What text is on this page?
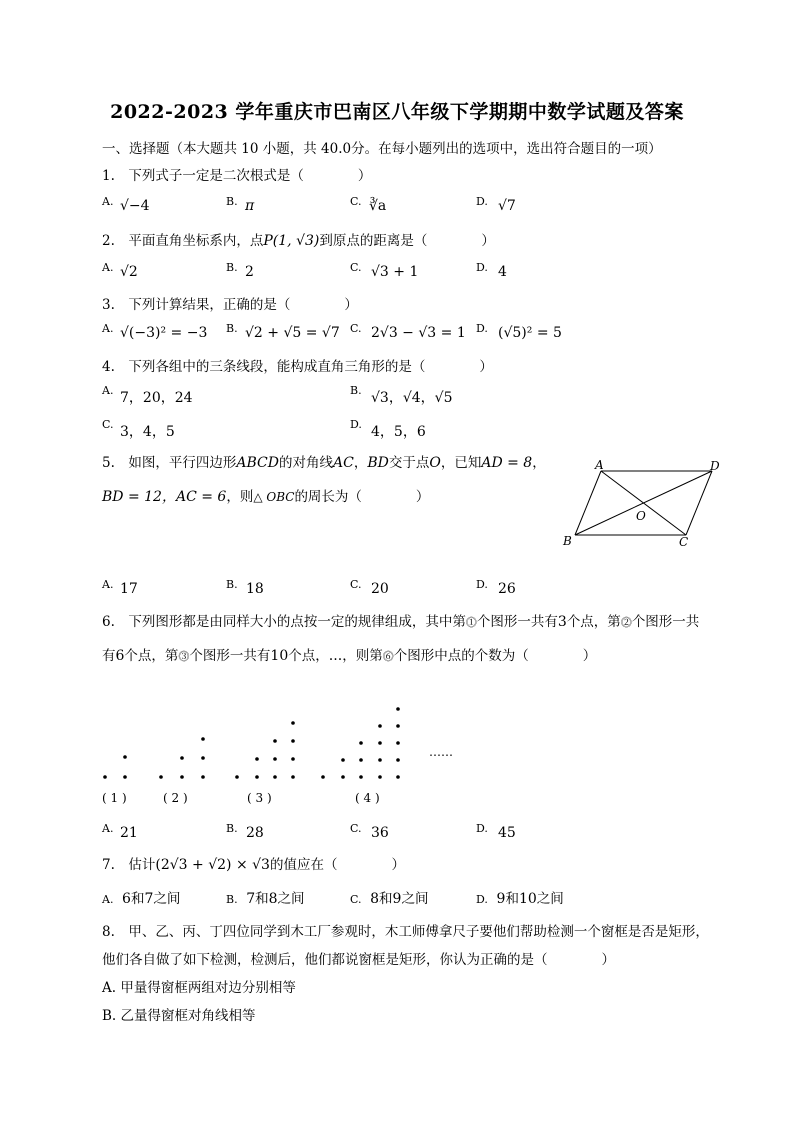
2022-2023 学年重庆市巴南区八年级下学期期中数学试题及答案
一、选择题（本大题共 10 小题，共 40.0分。在每小题列出的选项中，选出符合题目的一项）
1.　下列式子一定是二次根式是（　　　　）
A. √−4	B. π	C. ∛a	D. √7
2.　平面直角坐标系内，点P(1, √3)到原点的距离是（　　　　）
A. √2	B. 2	C. √3 + 1	D. 4
3.　下列计算结果，正确的是（　　　　）
A. √(−3)² = −3 B. √2 + √5 = √7 C. 2√3 − √3 = 1 D. (√5)² = 5
4.　下列各组中的三条线段，能构成直角三角形的是（　　　　）
A. 7，20，24	B. √3，√4，√5
C. 3，4，5	D. 4，5，6
5.　如图，平行四边形ABCD的对角线AC，BD交于点O，已知AD = 8，
BD = 12，AC = 6，则△ OBC的周长为（　　　　）
A	D
B	C
O
A. 17	B. 18	C. 20	D. 26
6.　下列图形都是由同样大小的点按一定的规律组成，其中第⓵个图形一共有3个点，第⓶个图形一共
有6个点，第⓷个图形一共有10个点，…，则第⓺个图形中点的个数为（　　　　）
……
( 1 )	( 2 )	( 3 )	( 4 )
A. 21	B. 28	C. 36	D. 45
7.　估计(2√3 + √2) × √3的值应在（　　　　）
A. 6和7之间	B. 7和8之间	C. 8和9之间	D. 9和10之间
8.　甲、乙、丙、丁四位同学到木工厂参观时，木工师傅拿尺子要他们帮助检测一个窗框是否是矩形，
他们各自做了如下检测，检测后，他们都说窗框是矩形，你认为正确的是（　　　　）
A. 甲量得窗框两组对边分别相等
B. 乙量得窗框对角线相等
